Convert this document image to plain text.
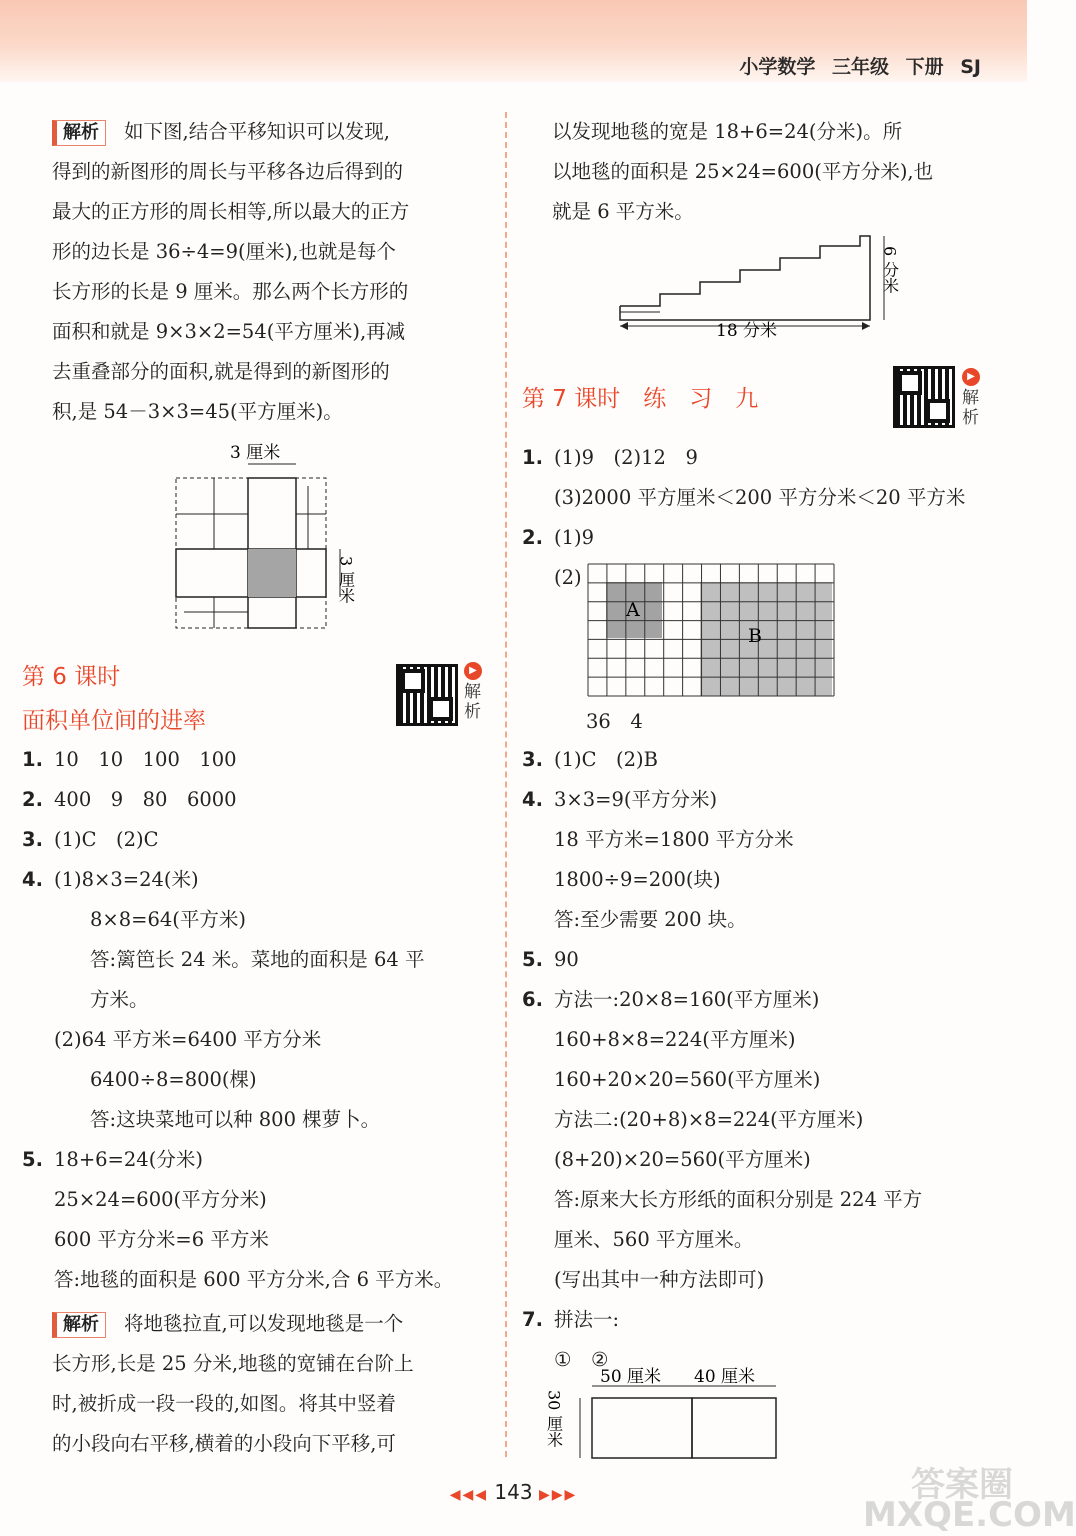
小学数学 三年级 下册 SJ

解析 如下图,结合平移知识可以发现,

得到的新图形的周长与平移各边后得到的

最大的正方形的周长相等,所以最大的正方

形的边长是 36÷4=9(厘米),也就是每个

长方形的长是 9 厘米。那么两个长方形的

面积和就是 9×3×2=54(平方厘米),再减

去重叠部分的面积,就是得到的新图形的

积,是 54－3×3=45(平方厘米)。

3 厘米
3 厘米
第 6 课时
面积单位间的进率
▶
解析

1. 10　10　100　100

2. 400　9　80　6000

3. (1)C　(2)C

4. (1)8×3=24(米)

8×8=64(平方米)

答:篱笆长 24 米。菜地的面积是 64 平

方米。

(2)64 平方米=6400 平方分米

6400÷8=800(棵)

答:这块菜地可以种 800 棵萝卜。

5. 18+6=24(分米)

25×24=600(平方分米)

600 平方分米=6 平方米

答:地毯的面积是 600 平方分米,合 6 平方米。

解析 将地毯拉直,可以发现地毯是一个

长方形,长是 25 分米,地毯的宽铺在台阶上

时,被折成一段一段的,如图。将其中竖着

的小段向右平移,横着的小段向下平移,可

以发现地毯的宽是 18+6=24(分米)。所

以地毯的面积是 25×24=600(平方分米),也

就是 6 平方米。

18 分米
6 分米
第 7 课时　练　习　九
▶
解析

1. (1)9　(2)12　9

(3)2000 平方厘米＜200 平方分米＜20 平方米

2. (1)9

(2)

A
B
36　4

3. (1)C　(2)B

4. 3×3=9(平方分米)

18 平方米=1800 平方分米

1800÷9=200(块)

答:至少需要 200 块。

5. 90

6. 方法一:20×8=160(平方厘米)

160+8×8=224(平方厘米)

160+20×20=560(平方厘米)

方法二:(20+8)×8=224(平方厘米)

(8+20)×20=560(平方厘米)

答:原来大长方形纸的面积分别是 224 平方

厘米、560 平方厘米。

(写出其中一种方法即可)

7. 拼法一:

①　②

50 厘米 40 厘米
30 厘米
◀◀◀ 143 ▶▶▶	答案圈 MXQE.COM
